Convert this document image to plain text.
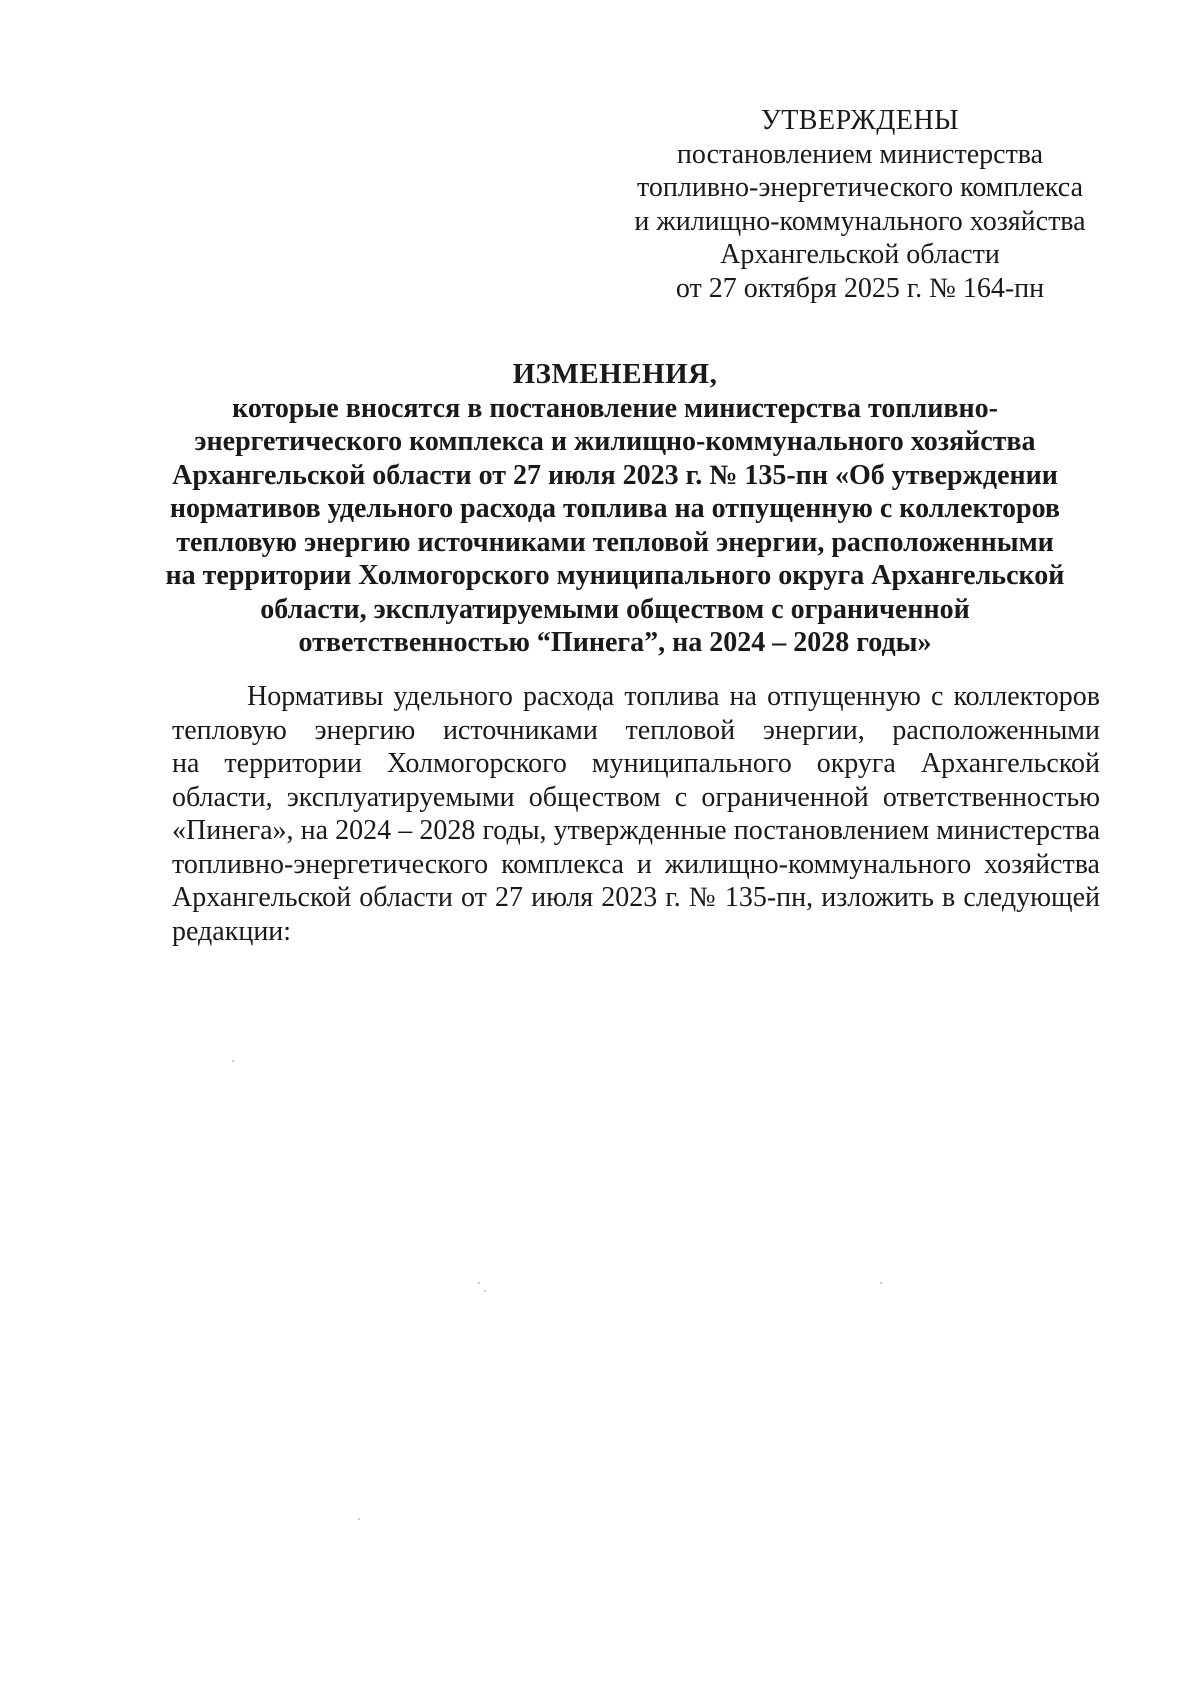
УТВЕРЖДЕНЫ
постановлением министерства
топливно-энергетического комплекса
и жилищно-коммунального хозяйства
Архангельской области
от 27 октября 2025 г. № 164-пн
ИЗМЕНЕНИЯ,
которые вносятся в постановление министерства топливно-
энергетического комплекса и жилищно-коммунального хозяйства
Архангельской области от 27 июля 2023 г. № 135-пн «Об утверждении
нормативов удельного расхода топлива на отпущенную с коллекторов
тепловую энергию источниками тепловой энергии, расположенными
на территории Холмогорского муниципального округа Архангельской
области, эксплуатируемыми обществом с ограниченной
ответственностью “Пинега”, на 2024 – 2028 годы»
Нормативы удельного расхода топлива на отпущенную с коллекторов
тепловую энергию источниками тепловой энергии, расположенными
на территории Холмогорского муниципального округа Архангельской
области, эксплуатируемыми обществом с ограниченной ответственностью
«Пинега», на 2024 – 2028 годы, утвержденные постановлением министерства
топливно-энергетического комплекса и жилищно-коммунального хозяйства
Архангельской области от 27 июля 2023 г. № 135-пн, изложить в следующей
редакции:
